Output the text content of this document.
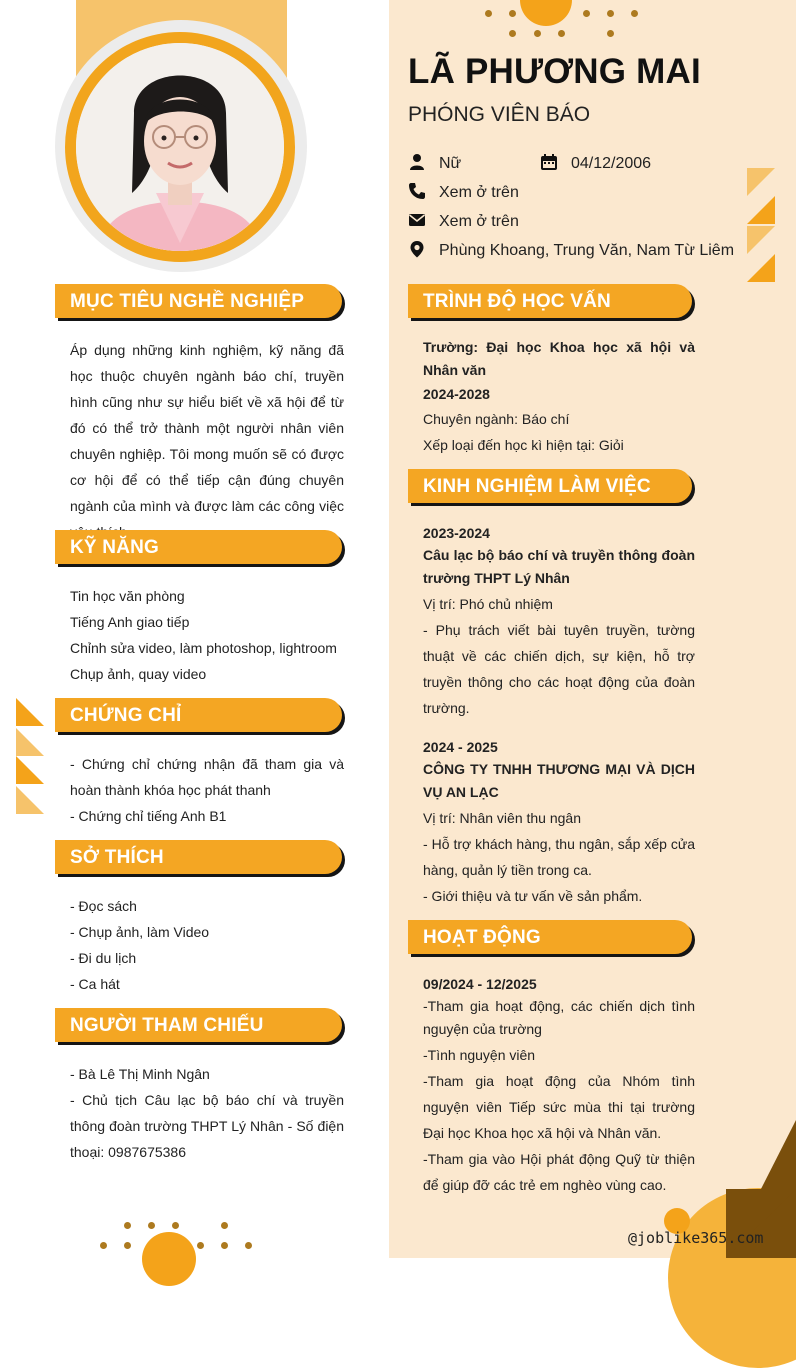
LÃ PHƯƠNG MAI
PHÓNG VIÊN BÁO
Nữ	04/12/2006
Xem ở trên
Xem ở trên
Phùng Khoang, Trung Văn, Nam Từ Liêm
MỤC TIÊU NGHỀ NGHIỆP
Áp dụng những kinh nghiệm, kỹ năng đã học thuộc chuyên ngành báo chí, truyền hình cũng như sự hiểu biết về xã hội để từ đó có thể trở thành một người nhân viên chuyên nghiệp. Tôi mong muốn sẽ có được cơ hội để có thể tiếp cận đúng chuyên ngành của mình và được làm các công việc
KỸ NĂNG
Tin học văn phòng
Tiếng Anh giao tiếp
Chỉnh sửa video, làm photoshop, lightroom
Chụp ảnh, quay video
CHỨNG CHỈ
- Chứng chỉ chứng nhận đã tham gia và hoàn thành khóa học phát thanh
- Chứng chỉ tiếng Anh B1
SỞ THÍCH
- Đọc sách
- Chụp ảnh, làm Video
- Đi du lịch
- Ca hát
NGƯỜI THAM CHIẾU
- Bà Lê Thị Minh Ngân
- Chủ tịch Câu lạc bộ báo chí và truyền thông đoàn trường THPT Lý Nhân - Số điện thoại: 0987675386
TRÌNH ĐỘ HỌC VẤN
Trường: Đại học Khoa học xã hội và Nhân văn
2024-2028
Chuyên ngành: Báo chí
Xếp loại đến học kì hiện tại: Giỏi
KINH NGHIỆM LÀM VIỆC
2023-2024
Câu lạc bộ báo chí và truyền thông đoàn trường THPT Lý Nhân
Vị trí: Phó chủ nhiệm
- Phụ trách viết bài tuyên truyền, tường thuật về các chiến dịch, sự kiện, hỗ trợ truyền thông cho các hoạt động của đoàn trường.
2024 - 2025
CÔNG TY TNHH THƯƠNG MẠI VÀ DỊCH VỤ AN LẠC
Vị trí: Nhân viên thu ngân
- Hỗ trợ khách hàng, thu ngân, sắp xếp cửa hàng, quản lý tiền trong ca.
- Giới thiệu và tư vấn về sản phẩm.
HOẠT ĐỘNG
09/2024 - 12/2025
-Tham gia hoạt động, các chiến dịch tình nguyện của trường
-Tình nguyện viên
-Tham gia hoạt động của Nhóm tình nguyện viên Tiếp sức mùa thi tại trường Đại học Khoa học xã hội và Nhân văn.
-Tham gia vào Hội phát động Quỹ từ thiện để giúp đỡ các trẻ em nghèo vùng cao.
@joblike365.com
